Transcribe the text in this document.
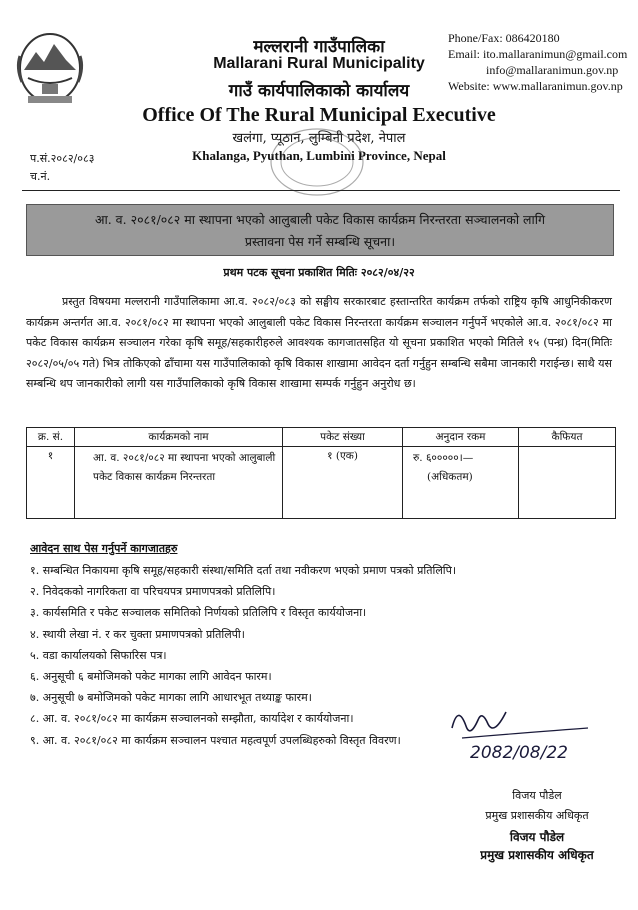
मल्लरानी गाउँपालिका
Mallarani Rural Municipality
गाउँ कार्यपालिकाको कार्यालय
Office Of The Rural Municipal Executive
खलंगा, प्यूठान, लुम्बिनी प्रदेश, नेपाल
Khalanga, Pyuthan, Lumbini Province, Nepal
Phone/Fax: 086420180
Email: ito.mallaranimun@gmail.com
info@mallaranimun.gov.np
Website: www.mallaranimun.gov.np
प.सं.२०८२/०८३
च.नं.
आ. व. २०८१/०८२ मा स्थापना भएको आलुबाली पकेट विकास कार्यक्रम निरन्तरता सञ्चालनको लागि
प्रस्तावना पेस गर्ने सम्बन्धि सूचना।
प्रथम पटक सूचना प्रकाशित मितिः २०८२/०४/२२
प्रस्तुत विषयमा मल्लरानी गाउँपालिकामा आ.व. २०८२/०८३ को सङ्घीय सरकारबाट हस्तान्तरित कार्यक्रम तर्फको राष्ट्रिय कृषि आधुनिकीकरण कार्यक्रम अन्तर्गत आ.व. २०८१/०८२ मा स्थापना भएको आलुबाली पकेट विकास निरन्तरता कार्यक्रम सञ्चालन गर्नुपर्ने भएकोले आ.व. २०८१/०८२ मा पकेट विकास कार्यक्रम सञ्चालन गरेका कृषि समूह/सहकारीहरुले आवश्यक कागजातसहित यो सूचना प्रकाशित भएको मितिले १५ (पन्ध्र) दिन(मितिः २०८२/०५/०५ गते) भित्र तोकिएको ढाँचामा यस गाउँपालिकाको कृषि विकास शाखामा आवेदन दर्ता गर्नुहुन सम्बन्धि सबैमा जानकारी गराईन्छ। साथै यस सम्बन्धि थप जानकारीको लागी यस गाउँपालिकाको कृषि विकास शाखामा सम्पर्क गर्नुहुन अनुरोध छ।
क्र. सं.	कार्यक्रमको नाम	पकेट संख्या	अनुदान रकम	कैफियत
१	आ. व. २०८१/०८२ मा स्थापना भएको आलुबाली पकेट विकास कार्यक्रम निरन्तरता	१ (एक)	रु. ६०००००।—
(अधिकतम)	

आवेदन साथ पेस गर्नुपर्ने कागजातहरु
१. सम्बन्धित निकायमा कृषि समूह/सहकारी संस्था/समिति दर्ता तथा नवीकरण भएको प्रमाण पत्रको प्रतिलिपि।
२. निवेदकको नागरिकता वा परिचयपत्र प्रमाणपत्रको प्रतिलिपि।
३. कार्यसमिति र पकेट सञ्चालक समितिको निर्णयको प्रतिलिपि र विस्तृत कार्ययोजना।
४. स्थायी लेखा नं. र कर चुक्ता प्रमाणपत्रको प्रतिलिपी।
५. वडा कार्यालयको सिफारिस पत्र।
६. अनुसूची ६ बमोजिमको पकेट मागका लागि आवेदन फारम।
७. अनुसूची ७ बमोजिमको पकेट मागका लागि आधारभूत तथ्याङ्क फारम।
८. आ. व. २०८१/०८२ मा कार्यक्रम सञ्चालनको सम्झौता, कार्यादेश र कार्ययोजना।
९. आ. व. २०८१/०८२ मा कार्यक्रम सञ्चालन पश्चात महत्वपूर्ण उपलब्धिहरुको विस्तृत विवरण।
2082/08/22
विजय पौडेल
प्रमुख प्रशासकीय अधिकृत
विजय पौडेल
प्रमुख प्रशासकीय अधिकृत
